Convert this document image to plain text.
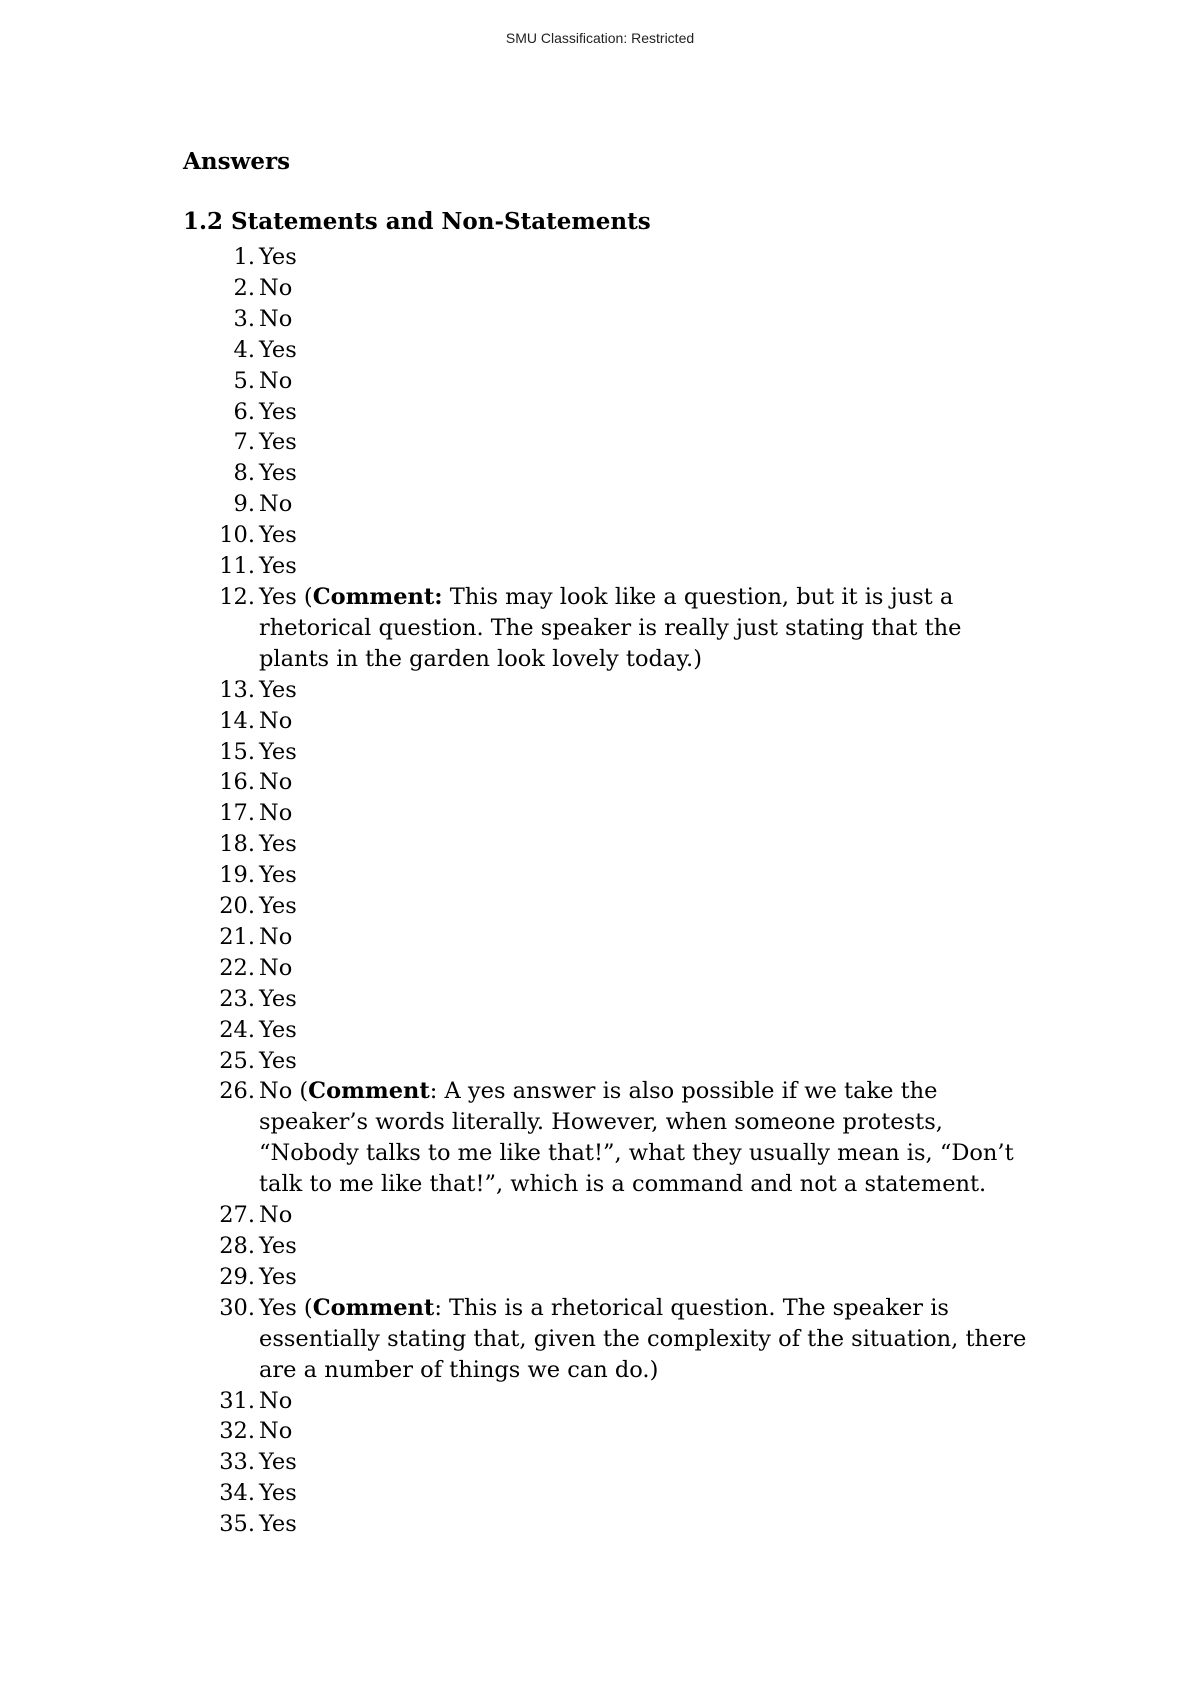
SMU Classification: Restricted
Answers
1.2 Statements and Non-Statements
1. Yes
2. No
3. No
4. Yes
5. No
6. Yes
7. Yes
8. Yes
9. No
10. Yes
11. Yes
12. Yes (Comment: This may look like a question, but it is just a rhetorical question. The speaker is really just stating that the plants in the garden look lovely today.)
13. Yes
14. No
15. Yes
16. No
17. No
18. Yes
19. Yes
20. Yes
21. No
22. No
23. Yes
24. Yes
25. Yes
26. No (Comment: A yes answer is also possible if we take the speaker’s words literally. However, when someone protests, “Nobody talks to me like that!”, what they usually mean is, “Don’t talk to me like that!”, which is a command and not a statement.
27. No
28. Yes
29. Yes
30. Yes (Comment: This is a rhetorical question. The speaker is essentially stating that, given the complexity of the situation, there are a number of things we can do.)
31. No
32. No
33. Yes
34. Yes
35. Yes
